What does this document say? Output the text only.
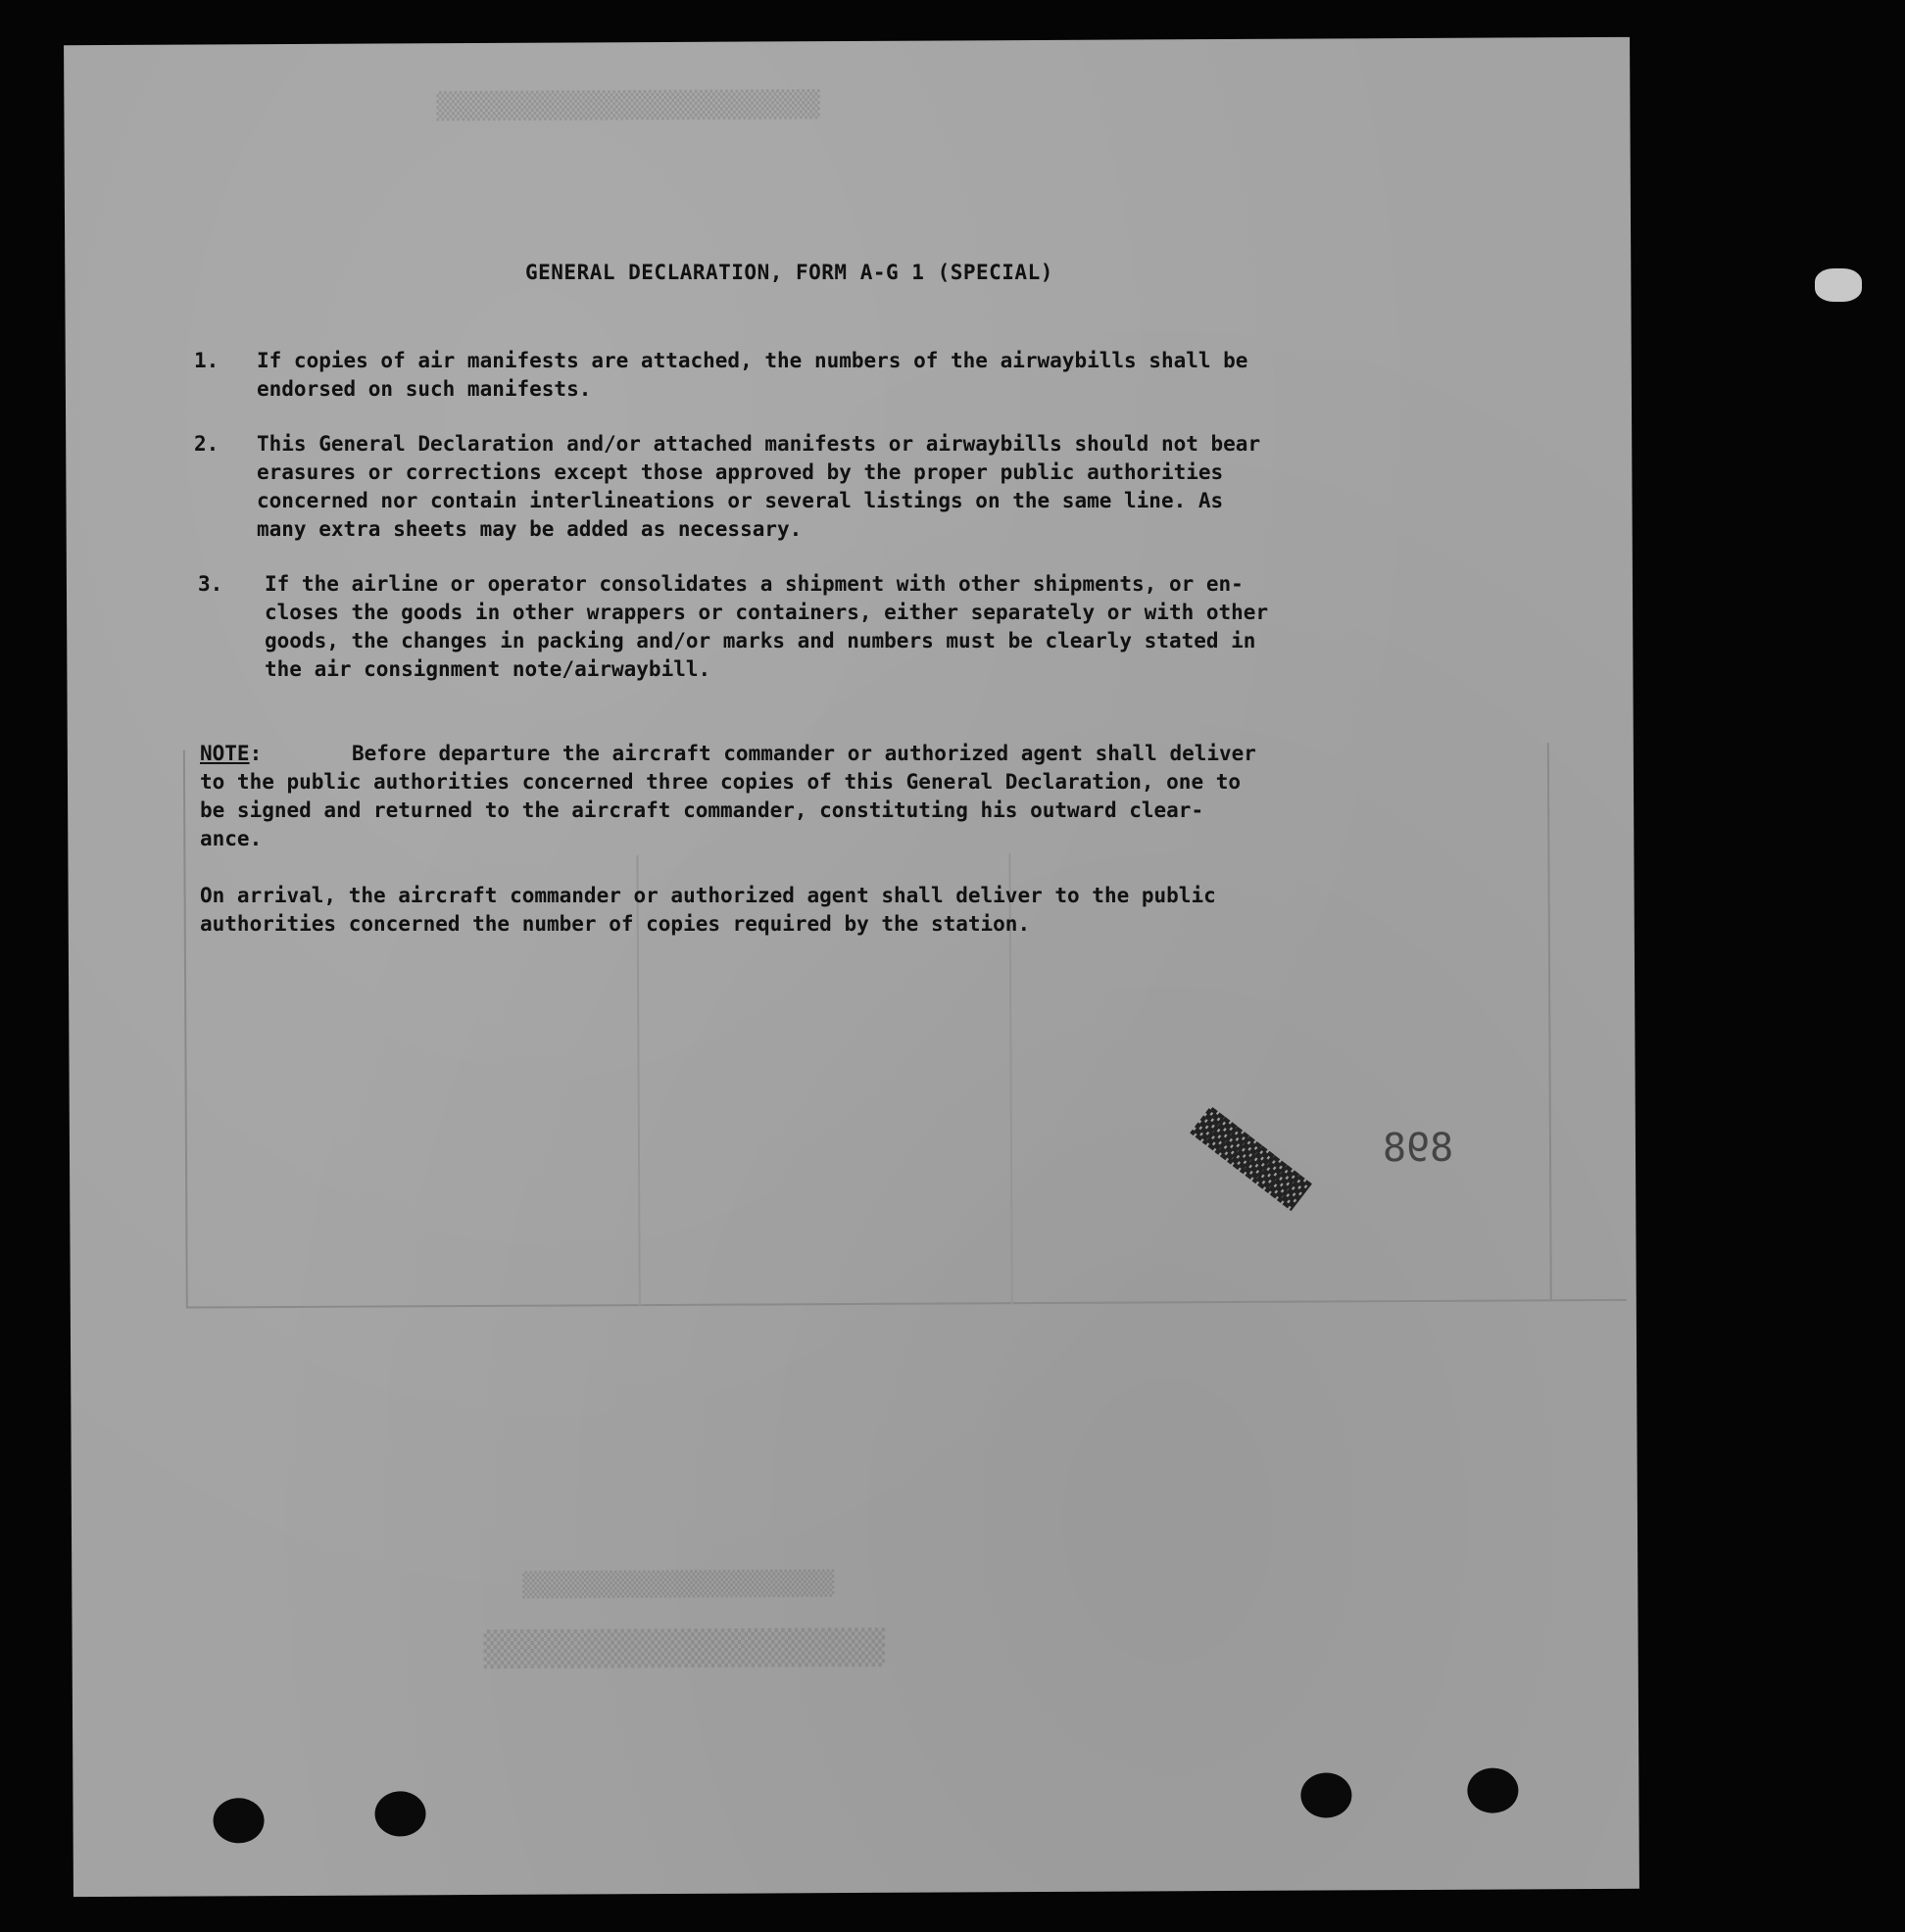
▒▒▒▒▒▒▒▒▒▒▒▒▒▒▒▒▒▒▒▒▒▒▒▒▒
▒▒▒▒▒▒▒▒▒▒▒▒▒▒▒▒▒▒▒▒
▒▒▒▒▒▒▒▒▒▒▒▒▒▒▒▒▒▒▒▒▒▒
▓▓▓▓▓▓▓▓ 898
GENERAL DECLARATION, FORM A-G 1 (SPECIAL)
1. If copies of air manifests are attached, the numbers of the airwaybills shall be
endorsed on such manifests.
2. This General Declaration and/or attached manifests or airwaybills should not bear
erasures or corrections except those approved by the proper public authorities
concerned nor contain interlineations or several listings on the same line. As
many extra sheets may be added as necessary.
3. If the airline or operator consolidates a shipment with other shipments, or en-
closes the goods in other wrappers or containers, either separately or with other
goods, the changes in packing and/or marks and numbers must be clearly stated in
the air consignment note/airwaybill.
NOTE:	Before departure the aircraft commander or authorized agent shall deliver
to the public authorities concerned three copies of this General Declaration, one to
be signed and returned to the aircraft commander, constituting his outward clear-
ance.
On arrival, the aircraft commander or authorized agent shall deliver to the public
authorities concerned the number of copies required by the station.
